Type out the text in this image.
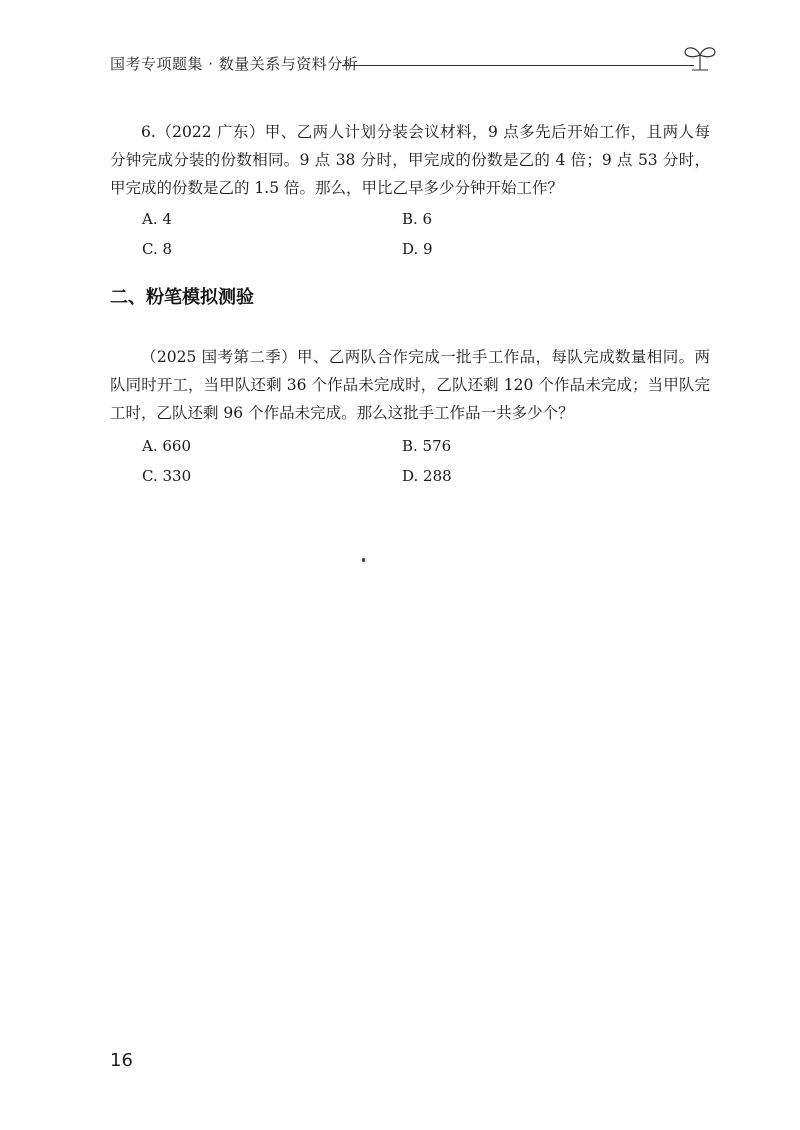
国考专项题集 · 数量关系与资料分析

6.（2022 广东）甲、乙两人计划分装会议材料，9 点多先后开始工作，且两人每分钟完成分装的份数相同。9 点 38 分时，甲完成的份数是乙的 4 倍；9 点 53 分时，甲完成的份数是乙的 1.5 倍。那么，甲比乙早多少分钟开始工作？

A. 4	B. 6
C. 8	D. 9
二、粉笔模拟测验

（2025 国考第二季）甲、乙两队合作完成一批手工作品，每队完成数量相同。两队同时开工，当甲队还剩 36 个作品未完成时，乙队还剩 120 个作品未完成；当甲队完工时，乙队还剩 96 个作品未完成。那么这批手工作品一共多少个？

A. 660	B. 576
C. 330	D. 288
16
